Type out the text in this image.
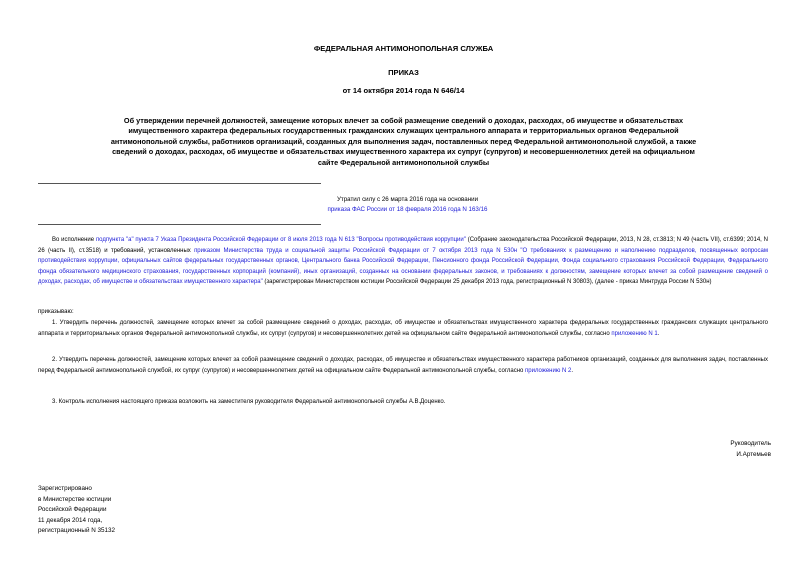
ФЕДЕРАЛЬНАЯ АНТИМОНОПОЛЬНАЯ СЛУЖБА
ПРИКАЗ
от 14 октября 2014 года N 646/14
Об утверждении перечней должностей, замещение которых влечет за собой размещение сведений о доходах, расходах, об имуществе и обязательствах
имущественного характера федеральных государственных гражданских служащих центрального аппарата и территориальных органов Федеральной
антимонопольной службы, работников организаций, созданных для выполнения задач, поставленных перед Федеральной антимонопольной службой, а также
сведений о доходах, расходах, об имуществе и обязательствах имущественного характера их супруг (супругов) и несовершеннолетних детей на официальном
сайте Федеральной антимонопольной службы
Утратил силу с 26 марта 2016 года на основании
приказа ФАС России от 18 февраля 2016 года N 163/16
Во исполнение подпункта "а" пункта 7 Указа Президента Российской Федерации от 8 июля 2013 года N 613 "Вопросы противодействия коррупции" (Собрание законодательства Российской Федерации, 2013, N 28, ст.3813; N 49 (часть VII), ст.6399; 2014, N 26 (часть II), ст.3518) и требований, установленных приказом Министерства труда и социальной защиты Российской Федерации от 7 октября 2013 года N 530н "О требованиях к размещению и наполнению подразделов, посвященных вопросам противодействия коррупции, официальных сайтов федеральных государственных органов, Центрального банка Российской Федерации, Пенсионного фонда Российской Федерации, Фонда социального страхования Российской Федерации, Федерального фонда обязательного медицинского страхования, государственных корпораций (компаний), иных организаций, созданных на основании федеральных законов, и требованиях к должностям, замещение которых влечет за собой размещение сведений о доходах, расходах, об имуществе и обязательствах имущественного характера" (зарегистрирован Министерством юстиции Российской Федерации 25 декабря 2013 года, регистрационный N 30803), (далее - приказ Минтруда России N 530н)
приказываю:
1. Утвердить перечень должностей, замещение которых влечет за собой размещение сведений о доходах, расходах, об имуществе и обязательствах имущественного характера федеральных государственных гражданских служащих центрального аппарата и территориальных органов Федеральной антимонопольной службы, их супруг (супругов) и несовершеннолетних детей на официальном сайте Федеральной антимонопольной службы, согласно приложению N 1.
2. Утвердить перечень должностей, замещение которых влечет за собой размещение сведений о доходах, расходах, об имуществе и обязательствах имущественного характера работников организаций, созданных для выполнения задач, поставленных перед Федеральной антимонопольной службой, их супруг (супругов) и несовершеннолетних детей на официальном сайте Федеральной антимонопольной службы, согласно приложению N 2.
3. Контроль исполнения настоящего приказа возложить на заместителя руководителя Федеральной антимонопольной службы А.В.Доценко.
Руководитель
И.Артемьев
Зарегистрировано
в Министерстве юстиции
Российской Федерации
11 декабря 2014 года,
регистрационный N 35132
